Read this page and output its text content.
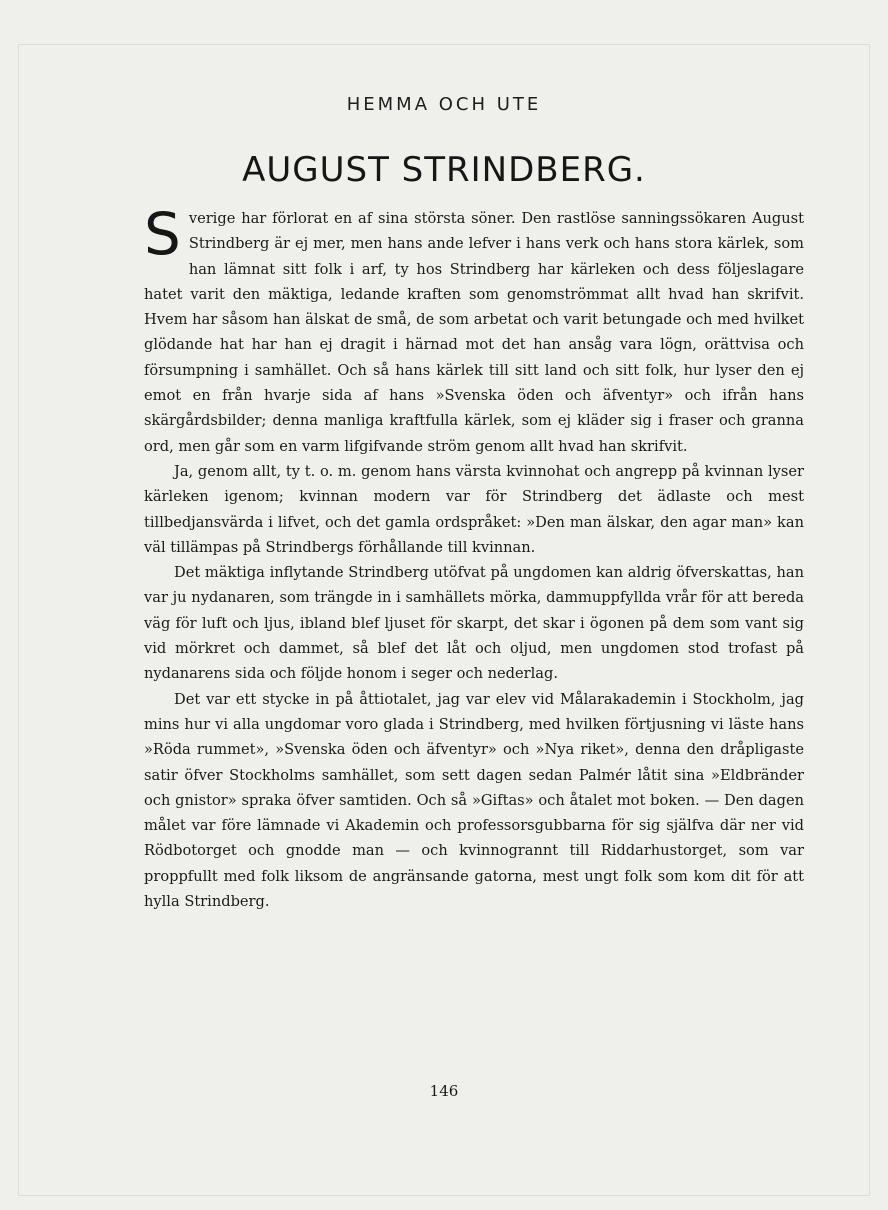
HEMMA OCH UTE
AUGUST STRINDBERG.

Sverige har förlorat en af sina största söner. Den rastlöse sanningssökaren August Strindberg är ej mer, men hans ande lefver i hans verk och hans stora kärlek, som han lämnat sitt folk i arf, ty hos Strindberg har kärleken och dess följeslagare hatet varit den mäktiga, ledande kraften som genomströmmat allt hvad han skrifvit. Hvem har såsom han älskat de små, de som arbetat och varit betungade och med hvilket glödande hat har han ej dragit i härnad mot det han ansåg vara lögn, orättvisa och försumpning i samhället. Och så hans kärlek till sitt land och sitt folk, hur lyser den ej emot en från hvarje sida af hans »Svenska öden och äfventyr» och ifrån hans skärgårdsbilder; denna manliga kraftfulla kärlek, som ej kläder sig i fraser och granna ord, men går som en varm lifgifvande ström genom allt hvad han skrifvit.

Ja, genom allt, ty t. o. m. genom hans värsta kvinnohat och angrepp på kvinnan lyser kärleken igenom; kvinnan modern var för Strindberg det ädlaste och mest tillbedjansvärda i lifvet, och det gamla ordspråket: »Den man älskar, den agar man» kan väl tillämpas på Strindbergs förhållande till kvinnan.

Det mäktiga inflytande Strindberg utöfvat på ungdomen kan aldrig öfverskattas, han var ju nydanaren, som trängde in i samhällets mörka, dammuppfyllda vrår för att bereda väg för luft och ljus, ibland blef ljuset för skarpt, det skar i ögonen på dem som vant sig vid mörkret och dammet, så blef det låt och oljud, men ungdomen stod trofast på nydanarens sida och följde honom i seger och nederlag.

Det var ett stycke in på åttiotalet, jag var elev vid Målarakademin i Stockholm, jag mins hur vi alla ungdomar voro glada i Strindberg, med hvilken förtjusning vi läste hans »Röda rummet», »Svenska öden och äfventyr» och »Nya riket», denna den dråpligaste satir öfver Stockholms samhället, som sett dagen sedan Palmér låtit sina »Eldbränder och gnistor» spraka öfver samtiden. Och så »Giftas» och åtalet mot boken. — Den dagen målet var före lämnade vi Akademin och professorsgubbarna för sig själfva där ner vid Rödbotorget och gnodde man — och kvinnogrannt till Riddarhustorget, som var proppfullt med folk liksom de angränsande gatorna, mest ungt folk som kom dit för att hylla Strindberg.

146
